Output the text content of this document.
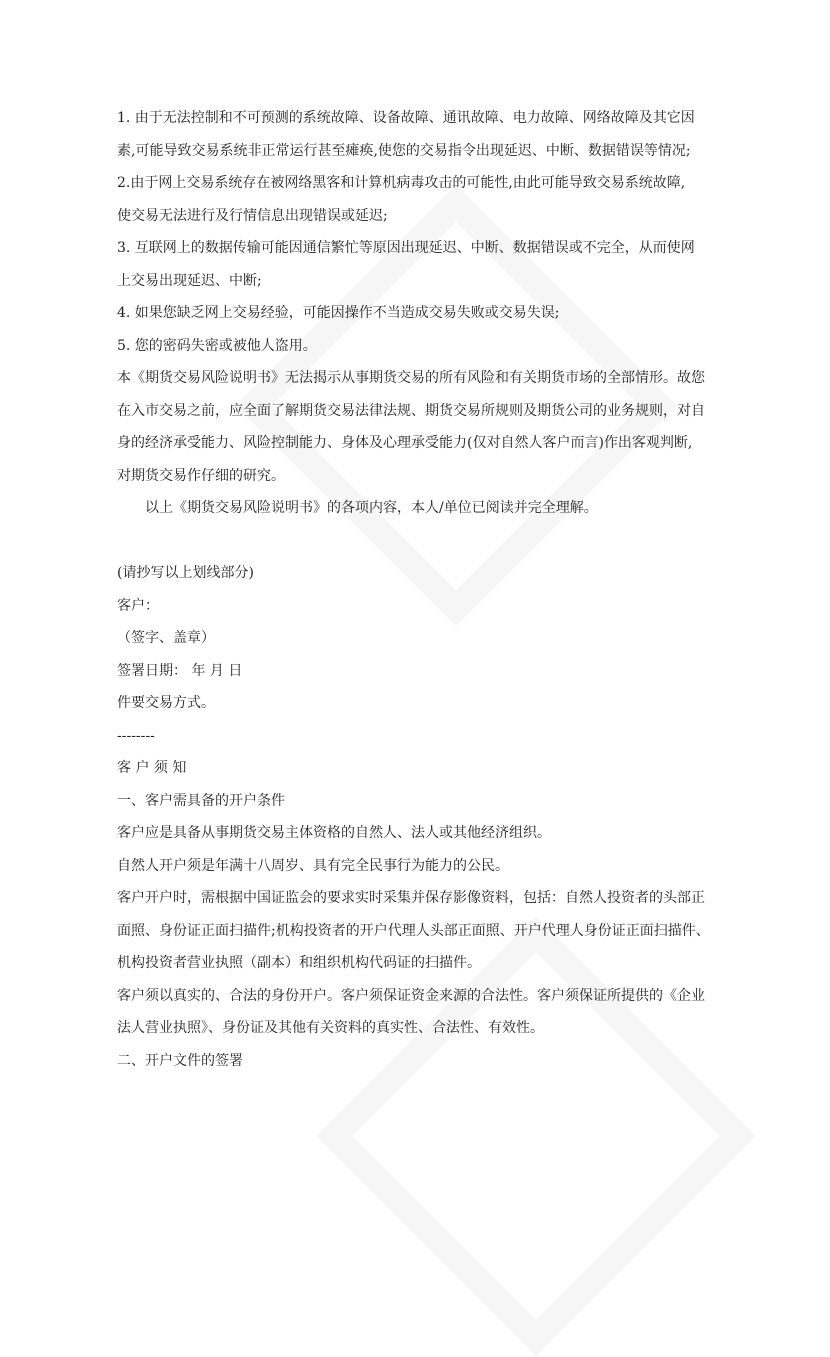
1. 由于无法控制和不可预测的系统故障、设备故障、通讯故障、电力故障、网络故障及其它因
素,可能导致交易系统非正常运行甚至瘫痪,使您的交易指令出现延迟、中断、数据错误等情况;
2.由于网上交易系统存在被网络黑客和计算机病毒攻击的可能性,由此可能导致交易系统故障,
使交易无法进行及行情信息出现错误或延迟;
3. 互联网上的数据传输可能因通信繁忙等原因出现延迟、中断、数据错误或不完全，从而使网
上交易出现延迟、中断;
4. 如果您缺乏网上交易经验，可能因操作不当造成交易失败或交易失误;
5. 您的密码失密或被他人盗用。
本《期货交易风险说明书》无法揭示从事期货交易的所有风险和有关期货市场的全部情形。故您
在入市交易之前，应全面了解期货交易法律法规、期货交易所规则及期货公司的业务规则，对自
身的经济承受能力、风险控制能力、身体及心理承受能力(仅对自然人客户而言)作出客观判断,
对期货交易作仔细的研究。
以上《期货交易风险说明书》的各项内容，本人/单位已阅读并完全理解。
(请抄写以上划线部分)
客户：
（签字、盖章）
签署日期： 年 月 日
件要交易方式。
--------
客 户 须 知
一、客户需具备的开户条件
客户应是具备从事期货交易主体资格的自然人、法人或其他经济组织。
自然人开户须是年满十八周岁、具有完全民事行为能力的公民。
客户开户时，需根据中国证监会的要求实时采集并保存影像资料，包括：自然人投资者的头部正
面照、身份证正面扫描件;机构投资者的开户代理人头部正面照、开户代理人身份证正面扫描件、
机构投资者营业执照（副本）和组织机构代码证的扫描件。
客户须以真实的、合法的身份开户。客户须保证资金来源的合法性。客户须保证所提供的《企业
法人营业执照》、身份证及其他有关资料的真实性、合法性、有效性。
二、开户文件的签署
